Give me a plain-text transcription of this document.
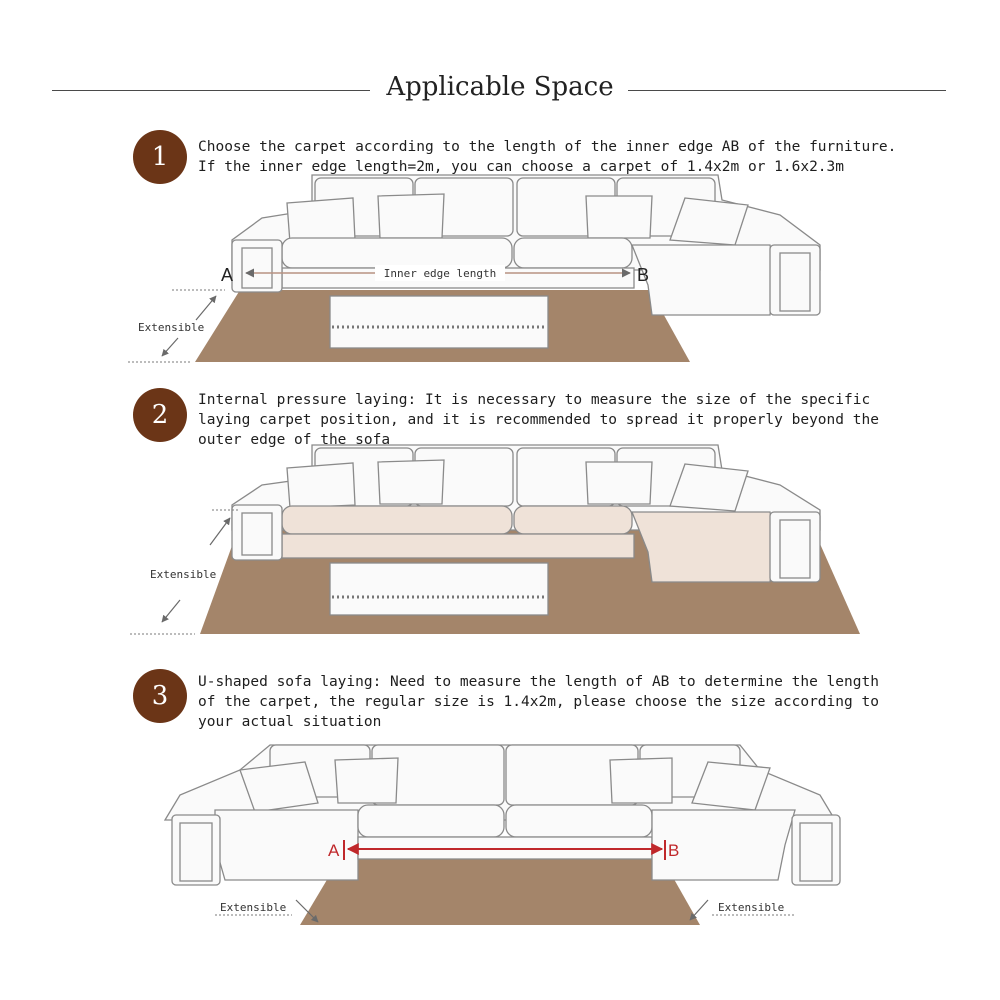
Applicable Space
1	Choose the carpet according to the length of the inner edge AB of the furniture.
If the inner edge length=2m, you can choose a carpet of 1.4x2m or 1.6x2.3m
2	Internal pressure laying: It is necessary to measure the size of the specific
laying carpet position, and it is recommended to spread it properly beyond the
outer edge of the sofa
3	U-shaped sofa laying: Need to measure the length of AB to determine the length
of the carpet, the regular size is 1.4x2m, please choose the size according to
your actual situation
Inner edge length
A	B
Extensible
Extensible
A	B
Extensible	Extensible
